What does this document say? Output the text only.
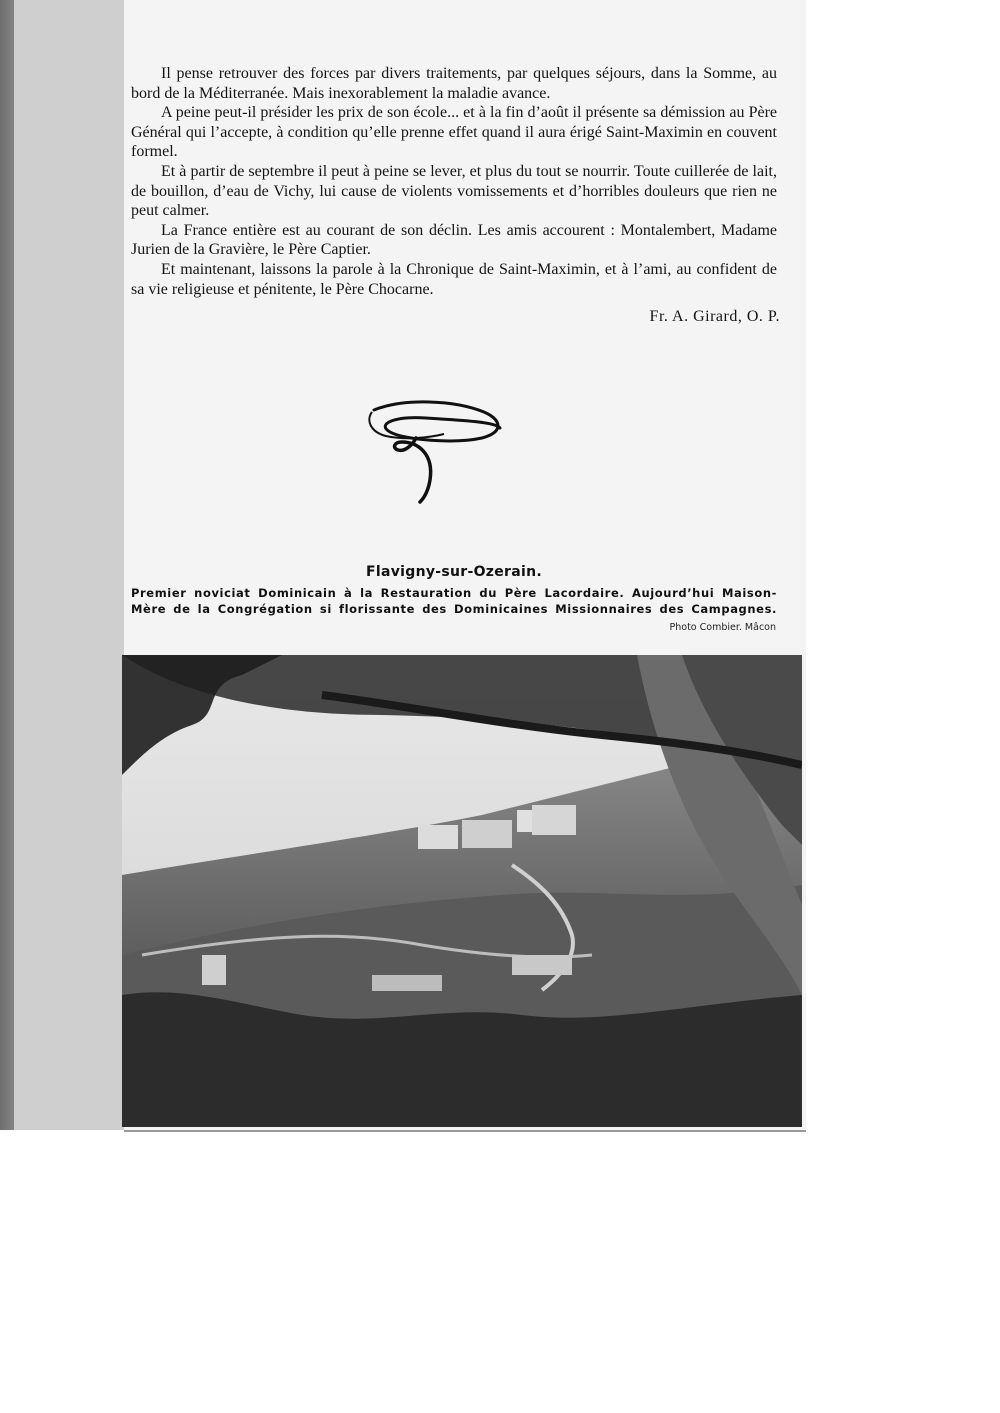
Il pense retrouver des forces par divers traitements, par quelques séjours, dans la Somme, au bord de la Méditerranée. Mais inexorablement la maladie avance.

A peine peut-il présider les prix de son école... et à la fin d’août il présente sa démission au Père Général qui l’accepte, à condition qu’elle prenne effet quand il aura érigé Saint-Maximin en couvent formel.

Et à partir de septembre il peut à peine se lever, et plus du tout se nourrir. Toute cuillerée de lait, de bouillon, d’eau de Vichy, lui cause de violents vomissements et d’horribles douleurs que rien ne peut calmer.

La France entière est au courant de son déclin. Les amis accourent : Montalembert, Madame Jurien de la Gravière, le Père Captier.

Et maintenant, laissons la parole à la Chronique de Saint-Maximin, et à l’ami, au confident de sa vie religieuse et pénitente, le Père Chocarne.

Fr. A. Girard, O. P.
Flavigny-sur-Ozerain.
Premier noviciat Dominicain à la Restauration du Père Lacordaire. Aujourd’hui Maison-Mère de la Congrégation si florissante des Dominicaines Missionnaires des Campagnes.
Photo Combier. Mâcon
